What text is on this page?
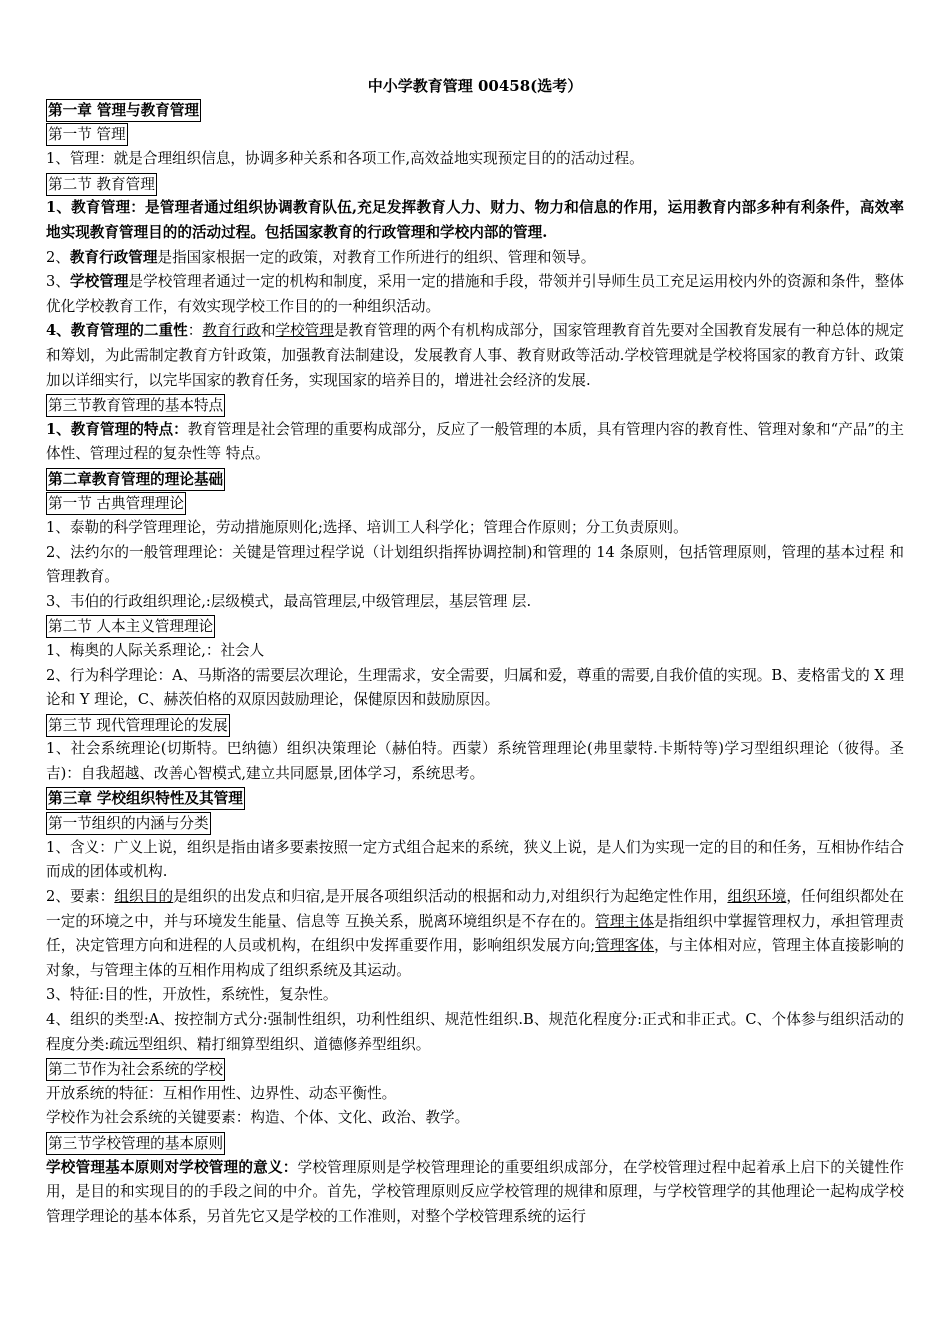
中小学教育管理 00458(选考）
第一章 管理与教育管理
第一节 管理

1、管理：就是合理组织信息，协调多种关系和各项工作,高效益地实现预定目的的活动过程。

第二节 教育管理

1、教育管理：是管理者通过组织协调教育队伍,充足发挥教育人力、财力、物力和信息的作用，运用教育内部多种有利条件，高效率地实现教育管理目的的活动过程。包括国家教育的行政管理和学校内部的管理.

2、教育行政管理是指国家根据一定的政策，对教育工作所进行的组织、管理和领导。

3、学校管理是学校管理者通过一定的机构和制度，采用一定的措施和手段，带领并引导师生员工充足运用校内外的资源和条件，整体优化学校教育工作，有效实现学校工作目的的一种组织活动。

4、教育管理的二重性：教育行政和学校管理是教育管理的两个有机构成部分，国家管理教育首先要对全国教育发展有一种总体的规定和筹划，为此需制定教育方针政策，加强教育法制建设，发展教育人事、教育财政等活动.学校管理就是学校将国家的教育方针、政策加以详细实行，以完毕国家的教育任务，实现国家的培养目的，增进社会经济的发展.

第三节教育管理的基本特点

1、教育管理的特点：教育管理是社会管理的重要构成部分，反应了一般管理的本质，具有管理内容的教育性、管理对象和“产品”的主体性、管理过程的复杂性等 特点。

第二章教育管理的理论基础
第一节 古典管理理论

1、泰勒的科学管理理论，劳动措施原则化;选择、培训工人科学化；管理合作原则；分工负责原则。

2、法约尔的一般管理理论：关键是管理过程学说（计划组织指挥协调控制)和管理的 14 条原则，包括管理原则，管理的基本过程 和管理教育。

3、韦伯的行政组织理论,:层级模式，最高管理层,中级管理层，基层管理 层.

第二节 人本主义管理理论

1、梅奥的人际关系理论,：社会人

2、行为科学理论：A、马斯洛的需要层次理论，生理需求，安全需要，归属和爱，尊重的需要,自我价值的实现。B、麦格雷戈的 X 理论和 Y 理论，C、赫茨伯格的双原因鼓励理论，保健原因和鼓励原因。

第三节 现代管理理论的发展

1、社会系统理论(切斯特。巴纳德）组织决策理论（赫伯特。西蒙）系统管理理论(弗里蒙特.卡斯特等)学习型组织理论（彼得。圣吉)：自我超越、改善心智模式,建立共同愿景,团体学习，系统思考。

第三章 学校组织特性及其管理
第一节组织的内涵与分类

1、含义：广义上说，组织是指由诸多要素按照一定方式组合起来的系统，狭义上说，是人们为实现一定的目的和任务，互相协作结合而成的团体或机构.

2、要素：组织目的是组织的出发点和归宿,是开展各项组织活动的根据和动力,对组织行为起绝定性作用，组织环境，任何组织都处在一定的环境之中，并与环境发生能量、信息等 互换关系，脱离环境组织是不存在的。管理主体是指组织中掌握管理权力，承担管理责任，决定管理方向和进程的人员或机构，在组织中发挥重要作用，影响组织发展方向;管理客体，与主体相对应，管理主体直接影响的对象，与管理主体的互相作用构成了组织系统及其运动。

3、特征:目的性，开放性，系统性，复杂性。

4、组织的类型:A、按控制方式分:强制性组织，功利性组织、规范性组织.B、规范化程度分:正式和非正式。C、个体参与组织活动的程度分类:疏远型组织、精打细算型组织、道德修养型组织。

第二节作为社会系统的学校

开放系统的特征：互相作用性、边界性、动态平衡性。

学校作为社会系统的关键要素：构造、个体、文化、政治、教学。

第三节学校管理的基本原则

学校管理基本原则对学校管理的意义：学校管理原则是学校管理理论的重要组织成部分，在学校管理过程中起着承上启下的关键性作用，是目的和实现目的的手段之间的中介。首先，学校管理原则反应学校管理的规律和原理，与学校管理学的其他理论一起构成学校管理学理论的基本体系，另首先它又是学校的工作准则，对整个学校管理系统的运行
